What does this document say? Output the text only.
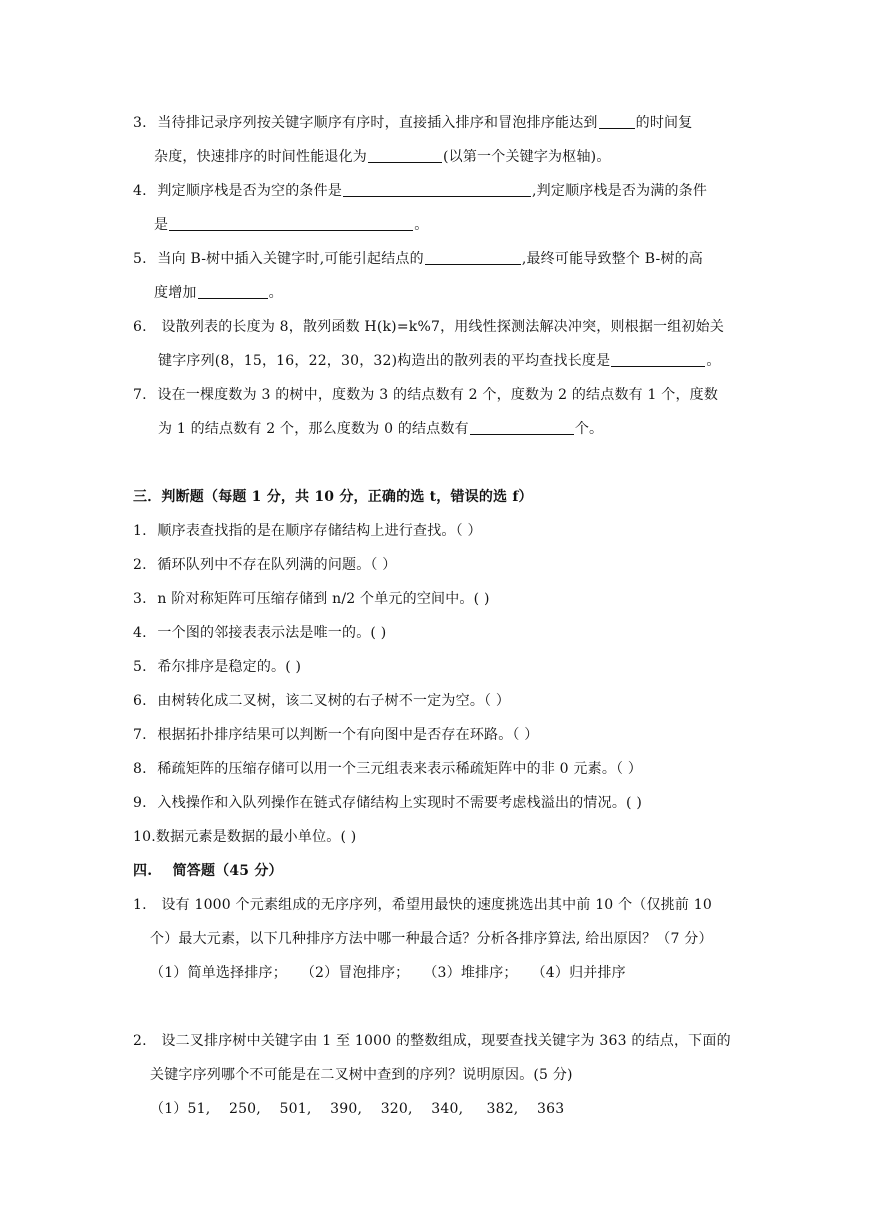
3. 当待排记录序列按关键字顺序有序时，直接插入排序和冒泡排序能达到	的时间复
杂度，快速排序的时间性能退化为	(以第一个关键字为枢轴)。
4. 判定顺序栈是否为空的条件是	,判定顺序栈是否为满的条件
是	。
5. 当向 B-树中插入关键字时,可能引起结点的	,最终可能导致整个 B-树的高
度增加	。
6. 设散列表的长度为 8，散列函数 H(k)=k%7，用线性探测法解决冲突，则根据一组初始关
键字序列(8，15，16，22，30，32)构造出的散列表的平均查找长度是	。
7. 设在一棵度数为 3 的树中，度数为 3 的结点数有 2 个，度数为 2 的结点数有 1 个，度数
为 1 的结点数有 2 个，那么度数为 0 的结点数有	个。
三．判断题（每题 1 分，共 10 分，正确的选 t，错误的选 f）
1. 顺序表查找指的是在顺序存储结构上进行查找。（ ）
2. 循环队列中不存在队列满的问题。（ ）
3. n 阶对称矩阵可压缩存储到 n/2 个单元的空间中。( )
4. 一个图的邻接表表示法是唯一的。( )
5. 希尔排序是稳定的。( )
6. 由树转化成二叉树，该二叉树的右子树不一定为空。（ ）
7. 根据拓扑排序结果可以判断一个有向图中是否存在环路。（ ）
8. 稀疏矩阵的压缩存储可以用一个三元组表来表示稀疏矩阵中的非 0 元素。（ ）
9. 入栈操作和入队列操作在链式存储结构上实现时不需要考虑栈溢出的情况。( )
10.数据元素是数据的最小单位。( )
四.    简答题（45 分）
1. 设有 1000 个元素组成的无序序列，希望用最快的速度挑选出其中前 10 个（仅挑前 10
个）最大元素，以下几种排序方法中哪一种最合适？分析各排序算法, 给出原因？（7 分）
（1）简单选择排序；   （2）冒泡排序；   （3）堆排序；   （4）归并排序
2. 设二叉排序树中关键字由 1 至 1000 的整数组成，现要查找关键字为 363 的结点，下面的
关键字序列哪个不可能是在二叉树中查到的序列？说明原因。(5 分)
（1）51,    250,    501,    390,    320,    340,     382,    363
